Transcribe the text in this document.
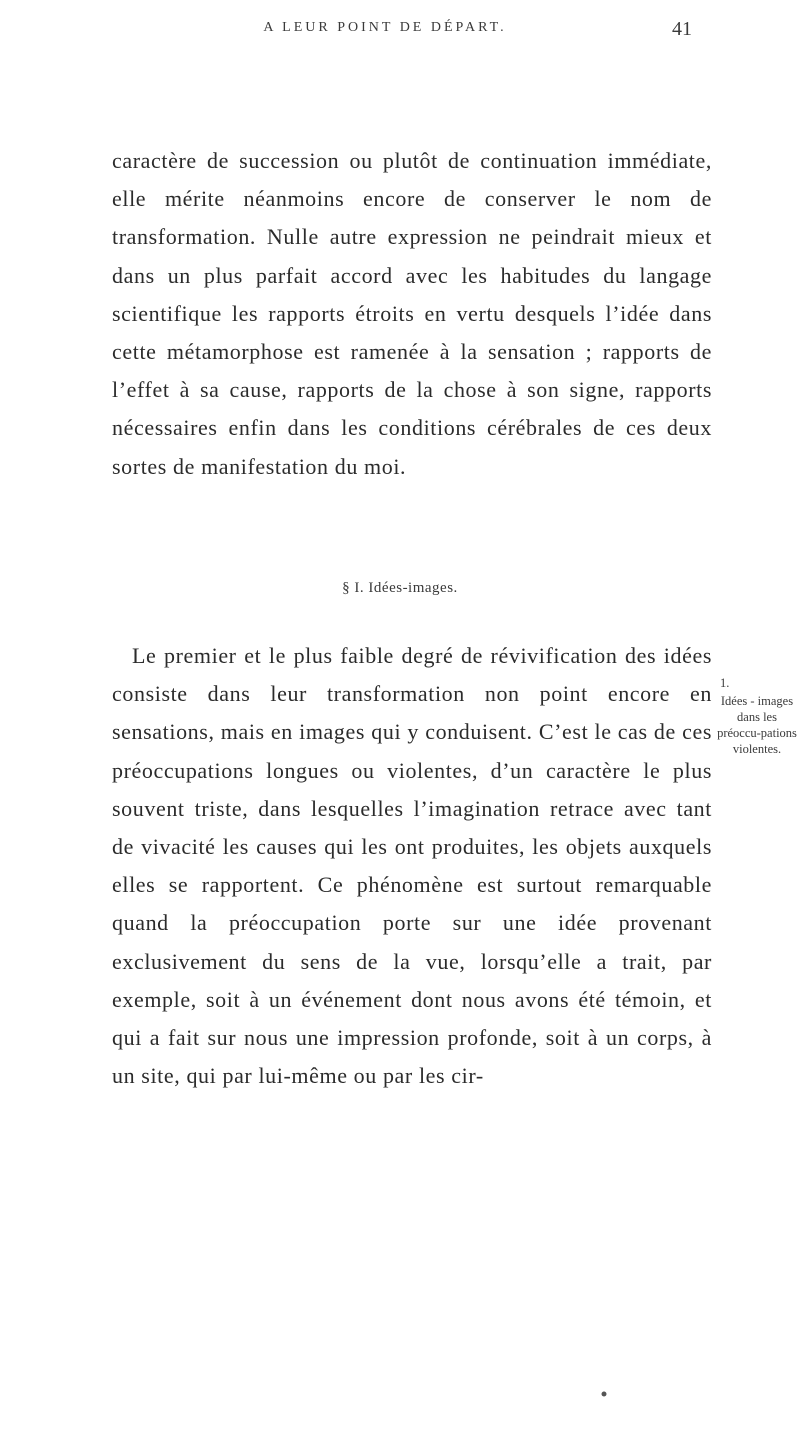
A LEUR POINT DE DÉPART.	41
caractère de succession ou plutôt de continuation immédiate, elle mérite néanmoins encore de conserver le nom de transformation. Nulle autre expression ne peindrait mieux et dans un plus parfait accord avec les habitudes du langage scientifique les rapports étroits en vertu desquels l’idée dans cette métamorphose est ramenée à la sensation ; rapports de l’effet à sa cause, rapports de la chose à son signe, rapports nécessaires enfin dans les conditions cérébrales de ces deux sortes de manifestation du moi.
§ I. Idées-images.
Le premier et le plus faible degré de révivification des idées consiste dans leur transformation non point encore en sensations, mais en images qui y conduisent. C’est le cas de ces préoccupations longues ou violentes, d’un caractère le plus souvent triste, dans lesquelles l’imagination retrace avec tant de vivacité les causes qui les ont produites, les objets auxquels elles se rapportent. Ce phénomène est surtout remarquable quand la préoccupation porte sur une idée provenant exclusivement du sens de la vue, lorsqu’elle a trait, par exemple, soit à un événement dont nous avons été témoin, et qui a fait sur nous une impression profonde, soit à un corps, à un site, qui par lui-même ou par les cir-
1.
Idées - images dans les préoccu-pations violentes.
